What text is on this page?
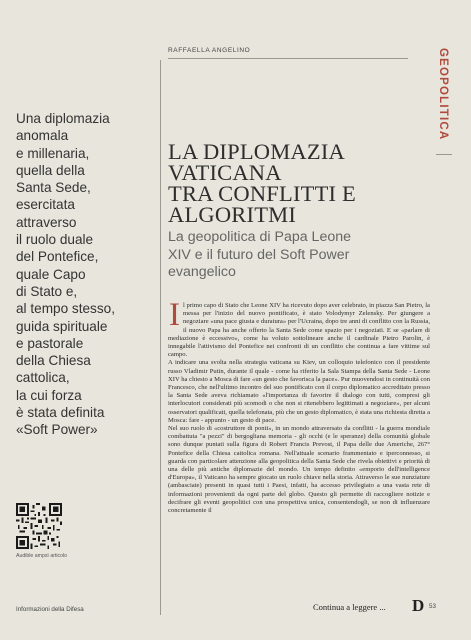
RAFFAELLA ANGELINO	GEOPOLITICA
Una diplomazia
anomala
e millenaria,
quella della
Santa Sede,
esercitata
attraverso
il ruolo duale
del Pontefice,
quale Capo
di Stato e,
al tempo stesso,
guida spirituale
e pastorale
della Chiesa
cattolica,
la cui forza
è stata definita
«Soft Power»
LA DIPLOMAZIA
VATICANA
TRA CONFLITTI E
ALGORITMI
La geopolitica di Papa Leone
XIV e il futuro del Soft Power
evangelico

Il primo capo di Stato che Leone XIV ha ricevuto dopo aver celebrato, in piazza San Pietro, la messa per l'inizio del nuovo pontificato, è stato Volodymyr Zelensky. Per giungere a negoziare «una pace giusta e duratura» per l'Ucraina, dopo tre anni di conflitto con la Russia, il nuovo Papa ha anche offerto la Santa Sede come spazio per i negoziati. E se «parlare di mediazione è eccessivo», come ha voluto sottolineare anche il cardinale Pietro Parolin, è innegabile l'attivismo del Pontefice nei confronti di un conflitto che continua a fare vittime sul campo.

A indicare una svolta nella strategia vaticana su Kiev, un colloquio telefonico con il presidente russo Vladimir Putin, durante il quale - come ha riferito la Sala Stampa della Santa Sede - Leone XIV ha chiesto a Mosca di fare «un gesto che favorisca la pace». Pur muovendosi in continuità con Francesco, che nell'ultimo incontro del suo pontificato con il corpo diplomatico accreditato presso la Santa Sede aveva richiamato «l'importanza di favorire il dialogo con tutti, compresi gli interlocutori considerati più scomodi o che non si ritenebbero legittimati a negoziare», per alcuni osservatori qualificati, quella telefonata, più che un gesto diplomatico, è stata una richiesta diretta a Mosca: fare - appunto - un gesto di pace.

Nel suo ruolo di «costruttore di ponti», in un mondo attraversato da conflitti - la guerra mondiale combattuta "a pezzi" di bergogliana memoria - gli occhi (e le speranze) della comunità globale sono dunque puntati sulla figura di Robert Francis Prevost, il Papa delle due Americhe, 267° Pontefice della Chiesa cattolica romana. Nell'attuale scenario frammentato e iperconnesso, si guarda con particolare attenzione alla geopolitica della Santa Sede che rivela obiettivi e priorità di una delle più antiche diplomazie del mondo. Un tempo definito «emporio dell'intelligence d'Europa», il Vaticano ha sempre giocato un ruolo chiave nella storia. Attraverso le sue nunziature (ambasciate) presenti in quasi tutti i Paesi, infatti, ha accesso privilegiato a una vasta rete di informazioni provenienti da ogni parte del globo. Questo gli permette di raccogliere notizie e decifrare gli eventi geopolitici con una prospettiva unica, consentendogli, se non di influenzare concretamente il

Audible ampsì articolo
Informazioni della Difesa	Continua a leggere ... D 53
